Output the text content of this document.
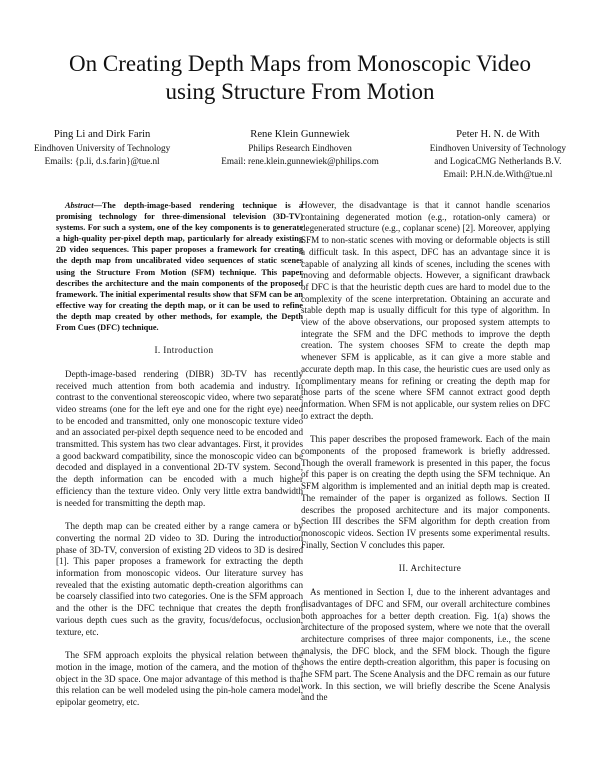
On Creating Depth Maps from Monoscopic Video
using Structure From Motion
Ping Li and Dirk Farin
Eindhoven University of Technology
Emails: {p.li, d.s.farin}@tue.nl
Rene Klein Gunnewiek
Philips Research Eindhoven
Email: rene.klein.gunnewiek@philips.com
Peter H. N. de With
Eindhoven University of Technology
and LogicaCMG Netherlands B.V.
Email: P.H.N.de.With@tue.nl

Abstract—The depth-image-based rendering technique is a promising technology for three-dimensional television (3D-TV) systems. For such a system, one of the key components is to generate a high-quality per-pixel depth map, particularly for already existing 2D video sequences. This paper proposes a framework for creating the depth map from uncalibrated video sequences of static scenes using the Structure From Motion (SFM) technique. This paper describes the architecture and the main components of the proposed framework. The initial experimental results show that SFM can be an effective way for creating the depth map, or it can be used to refine the depth map created by other methods, for example, the Depth From Cues (DFC) technique.

I. Introduction

Depth-image-based rendering (DIBR) 3D-TV has recently received much attention from both academia and industry. In contrast to the conventional stereoscopic video, where two separate video streams (one for the left eye and one for the right eye) need to be encoded and transmitted, only one monoscopic texture video and an associated per-pixel depth sequence need to be encoded and transmitted. This system has two clear advantages. First, it provides a good backward compatibility, since the monoscopic video can be decoded and displayed in a conventional 2D-TV system. Second, the depth information can be encoded with a much higher efficiency than the texture video. Only very little extra bandwidth is needed for transmitting the depth map.

The depth map can be created either by a range camera or by converting the normal 2D video to 3D. During the introduction phase of 3D-TV, conversion of existing 2D videos to 3D is desired [1]. This paper proposes a framework for extracting the depth information from monoscopic videos. Our literature survey has revealed that the existing automatic depth-creation algorithms can be coarsely classified into two categories. One is the SFM approach and the other is the DFC technique that creates the depth from various depth cues such as the gravity, focus/defocus, occlusion, texture, etc.

The SFM approach exploits the physical relation between the motion in the image, motion of the camera, and the motion of the object in the 3D space. One major advantage of this method is that this relation can be well modeled using the pin-hole camera model, epipolar geometry, etc.

However, the disadvantage is that it cannot handle scenarios containing degenerated motion (e.g., rotation-only camera) or degenerated structure (e.g., coplanar scene) [2]. Moreover, applying SFM to non-static scenes with moving or deformable objects is still a difficult task. In this aspect, DFC has an advantage since it is capable of analyzing all kinds of scenes, including the scenes with moving and deformable objects. However, a significant drawback of DFC is that the heuristic depth cues are hard to model due to the complexity of the scene interpretation. Obtaining an accurate and stable depth map is usually difficult for this type of algorithm. In view of the above observations, our proposed system attempts to integrate the SFM and the DFC methods to improve the depth creation. The system chooses SFM to create the depth map whenever SFM is applicable, as it can give a more stable and accurate depth map. In this case, the heuristic cues are used only as complimentary means for refining or creating the depth map for those parts of the scene where SFM cannot extract good depth information. When SFM is not applicable, our system relies on DFC to extract the depth.

This paper describes the proposed framework. Each of the main components of the proposed framework is briefly addressed. Though the overall framework is presented in this paper, the focus of this paper is on creating the depth using the SFM technique. An SFM algorithm is implemented and an initial depth map is created. The remainder of the paper is organized as follows. Section II describes the proposed architecture and its major components. Section III describes the SFM algorithm for depth creation from monoscopic videos. Section IV presents some experimental results. Finally, Section V concludes this paper.

II. Architecture

As mentioned in Section I, due to the inherent advantages and disadvantages of DFC and SFM, our overall architecture combines both approaches for a better depth creation. Fig. 1(a) shows the architecture of the proposed system, where we note that the overall architecture comprises of three major components, i.e., the scene analysis, the DFC block, and the SFM block. Though the figure shows the entire depth-creation algorithm, this paper is focusing on the SFM part. The Scene Analysis and the DFC remain as our future work. In this section, we will briefly describe the Scene Analysis and the
